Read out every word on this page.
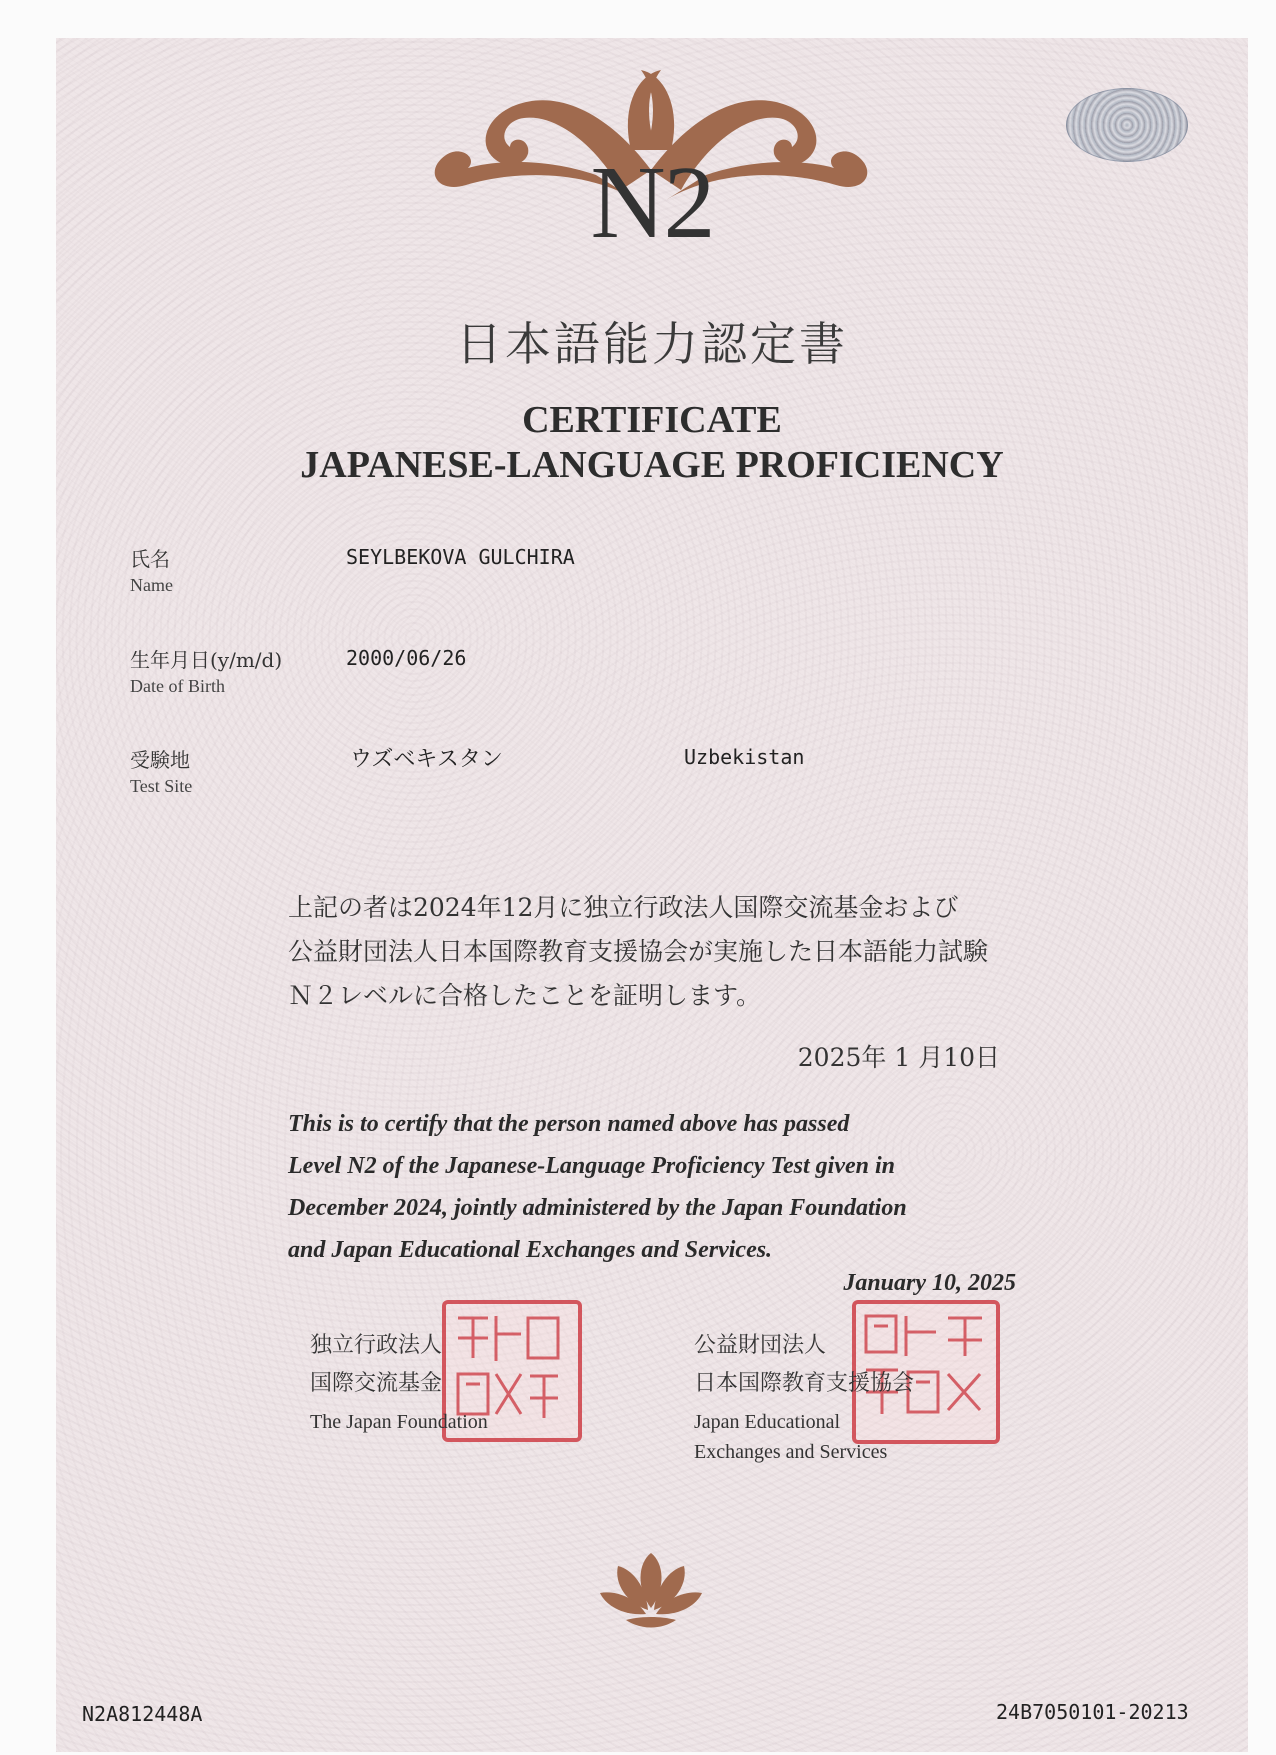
N2
日本語能力認定書
CERTIFICATE
JAPANESE-LANGUAGE PROFICIENCY
氏名
Name
SEYLBEKOVA GULCHIRA
生年月日(y/m/d)
Date of Birth
2000/06/26
受験地
Test Site
ウズベキスタン	Uzbekistan
上記の者は2024年12月に独立行政法人国際交流基金および
公益財団法人日本国際教育支援協会が実施した日本語能力試験
Ｎ２レベルに合格したことを証明します。
2025年 1 月10日
This is to certify that the person named above has passed
Level N2 of the Japanese-Language Proficiency Test given in
December 2024, jointly administered by the Japan Foundation
and Japan Educational Exchanges and Services.
January 10, 2025
独立行政法人
国際交流基金
The Japan Foundation
公益財団法人
日本国際教育支援協会
Japan Educational
Exchanges and Services
N2A812448A	24B7050101-20213
